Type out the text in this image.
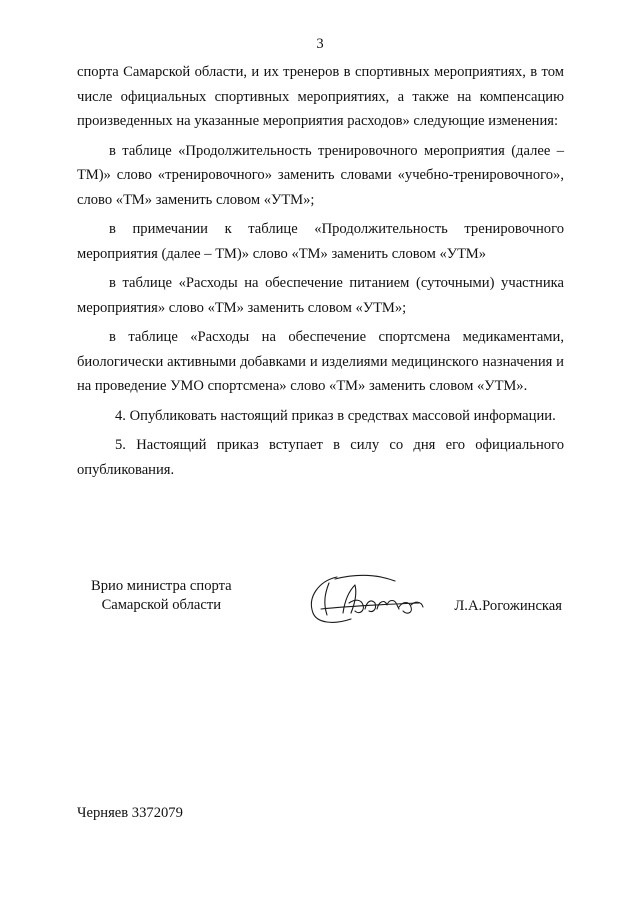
3

спорта Самарской области, и их тренеров в спортивных мероприятиях, в том числе официальных спортивных мероприятиях, а также на компенсацию произведенных на указанные мероприятия расходов» следующие изменения:

в таблице «Продолжительность тренировочного мероприятия (далее – ТМ)» слово «тренировочного» заменить словами «учебно-тренировочного», слово «ТМ» заменить словом «УТМ»;

в примечании к таблице «Продолжительность тренировочного мероприятия (далее – ТМ)» слово «ТМ» заменить словом «УТМ»

в таблице «Расходы на обеспечение питанием (суточными) участника мероприятия» слово «ТМ» заменить словом «УТМ»;

в таблице «Расходы на обеспечение спортсмена медикаментами, биологически активными добавками и изделиями медицинского назначения и на проведение УМО спортсмена» слово «ТМ» заменить словом «УТМ».

4. Опубликовать настоящий приказ в средствах массовой информации.

5. Настоящий приказ вступает в силу со дня его официального опубликования.

Врио министра спорта
Самарской области	Л.А.Рогожинская
Черняев 3372079
